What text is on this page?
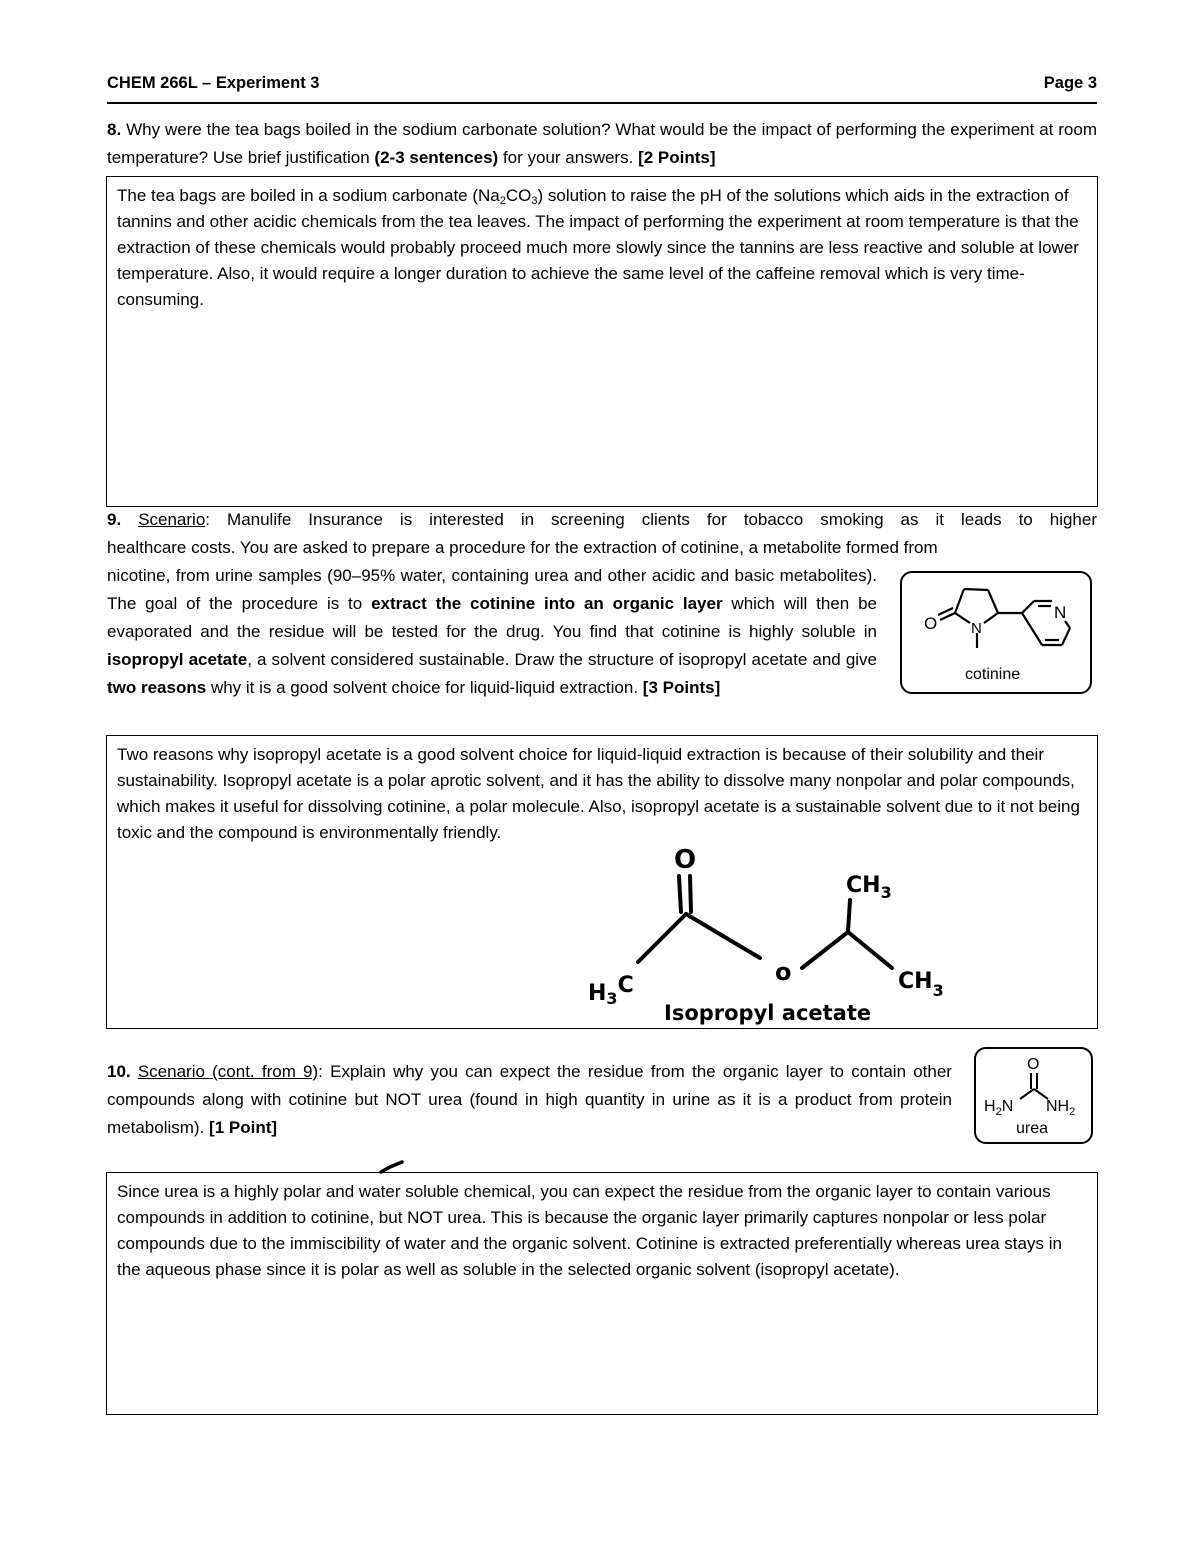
CHEM 266L – Experiment 3	Page 3
8. Why were the tea bags boiled in the sodium carbonate solution? What would be the impact of performing the experiment at room temperature? Use brief justification (2-3 sentences) for your answers. [2 Points]
The tea bags are boiled in a sodium carbonate $(Na_2CO_3)$ solution to raise the pH of the solutions which aids in the extraction of tannins and other acidic chemicals from the tea leaves. The impact of performing the experiment at room temperature is that the extraction of these chemicals would probably proceed much more slowly since the tannins are less reactive and soluble at lower temperature. Also, it would require a longer duration to achieve the same level of the caffeine removal which is very time-consuming.
9. Scenario: Manulife Insurance is interested in screening clients for tobacco smoking as it leads to higher
healthcare costs. You are asked to prepare a procedure for the extraction of cotinine, a metabolite formed from
nicotine, from urine samples (90–95% water, containing urea and other acidic and basic metabolites). The goal of the procedure is to extract the cotinine into an organic layer which will then be evaporated and the residue will be tested for the drug. You find that cotinine is highly soluble in isopropyl acetate, a solvent considered sustainable. Draw the structure of isopropyl acetate and give two reasons why it is a good solvent choice for liquid-liquid extraction. [3 Points]
O N
N
cotinine
Two reasons why isopropyl acetate is a good solvent choice for liquid-liquid extraction is because of their solubility and their sustainability. Isopropyl acetate is a polar aprotic solvent, and it has the ability to dissolve many nonpolar and polar compounds, which makes it useful for dissolving cotinine, a polar molecule. Also, isopropyl acetate is a sustainable solvent due to it not being toxic and the compound is environmentally friendly.
O
o
$CH_3$
$CH_3$
H3C
Isopropyl acetate
10. Scenario (cont. from 9): Explain why you can expect the residue from the organic layer to contain other compounds along with cotinine but NOT urea (found in high quantity in urine as it is a product from protein metabolism). [1 Point]
O
$H_2N$ $NH_2$
urea
Since urea is a highly polar and water soluble chemical, you can expect the residue from the organic layer to contain various compounds in addition to cotinine, but NOT urea. This is because the organic layer primarily captures nonpolar or less polar compounds due to the immiscibility of water and the organic solvent. Cotinine is extracted preferentially whereas urea stays in the aqueous phase since it is polar as well as soluble in the selected organic solvent (isopropyl acetate).
